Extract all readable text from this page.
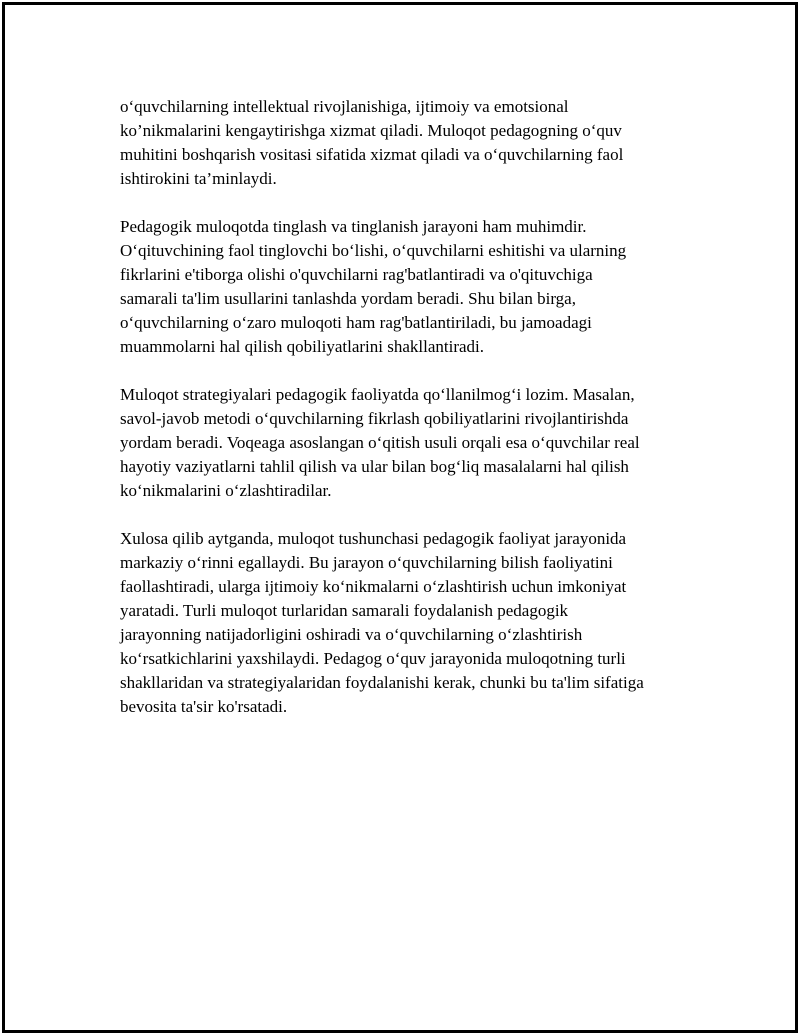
o‘quvchilarning intellektual rivojlanishiga, ijtimoiy va emotsional
ko’nikmalarini kengaytirishga xizmat qiladi. Muloqot pedagogning o‘quv
muhitini boshqarish vositasi sifatida xizmat qiladi va o‘quvchilarning faol
ishtirokini ta’minlaydi.

Pedagogik muloqotda tinglash va tinglanish jarayoni ham muhimdir.
O‘qituvchining faol tinglovchi bo‘lishi, o‘quvchilarni eshitishi va ularning
fikrlarini e'tiborga olishi o'quvchilarni rag'batlantiradi va o'qituvchiga
samarali ta'lim usullarini tanlashda yordam beradi. Shu bilan birga,
o‘quvchilarning o‘zaro muloqoti ham rag'batlantiriladi, bu jamoadagi
muammolarni hal qilish qobiliyatlarini shakllantiradi.

Muloqot strategiyalari pedagogik faoliyatda qo‘llanilmog‘i lozim. Masalan,
savol-javob metodi o‘quvchilarning fikrlash qobiliyatlarini rivojlantirishda
yordam beradi. Voqeaga asoslangan o‘qitish usuli orqali esa o‘quvchilar real
hayotiy vaziyatlarni tahlil qilish va ular bilan bog‘liq masalalarni hal qilish
ko‘nikmalarini o‘zlashtiradilar.

Xulosa qilib aytganda, muloqot tushunchasi pedagogik faoliyat jarayonida
markaziy o‘rinni egallaydi. Bu jarayon o‘quvchilarning bilish faoliyatini
faollashtiradi, ularga ijtimoiy ko‘nikmalarni o‘zlashtirish uchun imkoniyat
yaratadi. Turli muloqot turlaridan samarali foydalanish pedagogik
jarayonning natijadorligini oshiradi va o‘quvchilarning o‘zlashtirish
ko‘rsatkichlarini yaxshilaydi. Pedagog o‘quv jarayonida muloqotning turli
shakllaridan va strategiyalaridan foydalanishi kerak, chunki bu ta'lim sifatiga
bevosita ta'sir ko'rsatadi.
